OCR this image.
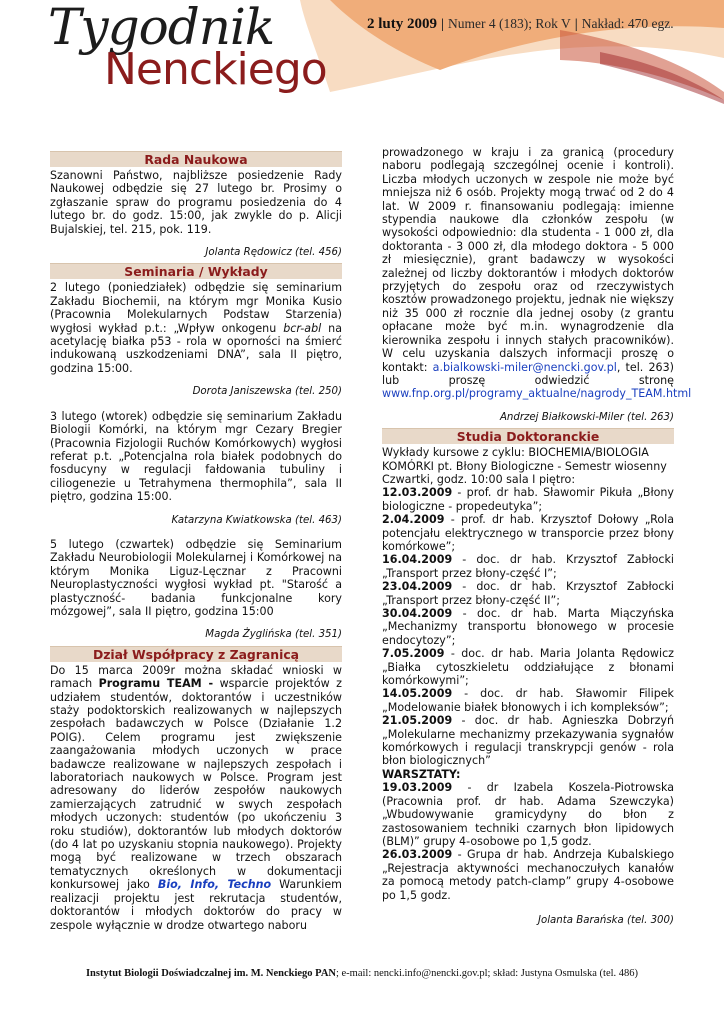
Tygodnik
Nenckiego
2 luty 2009 | Numer 4 (183); Rok V | Nakład: 470 egz.
Rada Naukowa

Szanowni Państwo, najbliższe posiedzenie Rady Naukowej odbędzie się 27 lutego br. Prosimy o zgłaszanie spraw do programu posiedzenia do 4 lutego br. do godz. 15:00, jak zwykle do p. Alicji Bujalskiej, tel. 215, pok. 119.

Jolanta Rędowicz (tel. 456)

Seminaria / Wykłady

2 lutego (poniedziałek) odbędzie się seminarium Zakładu Biochemii, na którym mgr Monika Kusio (Pracownia Molekularnych Podstaw Starzenia) wygłosi wykład p.t.: „Wpływ onkogenu bcr-abl na acetylację białka p53 - rola w oporności na śmierć indukowaną uszkodzeniami DNA”, sala II piętro, godzina 15:00.

Dorota Janiszewska (tel. 250)

3 lutego (wtorek) odbędzie się seminarium Zakładu Biologii Komórki, na którym mgr Cezary Bregier (Pracownia Fizjologii Ruchów Komórkowych) wygłosi referat p.t. „Potencjalna rola białek podobnych do fosducyny w regulacji fałdowania tubuliny i ciliogenezie u Tetrahymena thermophila”, sala II piętro, godzina 15:00.

Katarzyna Kwiatkowska (tel. 463)

5 lutego (czwartek) odbędzie się Seminarium Zakładu Neurobiologii Molekularnej i Komórkowej na którym Monika Liguz-Lęcznar z Pracowni Neuroplastyczności wygłosi wykład pt. "Starość a plastyczność- badania funkcjonalne kory mózgowej”, sala II piętro, godzina 15:00

Magda Żyglińska (tel. 351)

Dział Współpracy z Zagranicą

Do 15 marca 2009r można składać wnioski w ramach Programu TEAM - wsparcie projektów z udziałem studentów, doktorantów i uczestników staży podoktorskich realizowanych w najlepszych zespołach badawczych w Polsce (Działanie 1.2 POIG). Celem programu jest zwiększenie zaangażowania młodych uczonych w prace badawcze realizowane w najlepszych zespołach i laboratoriach naukowych w Polsce. Program jest adresowany do liderów zespołów naukowych zamierzających zatrudnić w swych zespołach młodych uczonych: studentów (po ukończeniu 3 roku studiów), doktorantów lub młodych doktorów (do 4 lat po uzyskaniu stopnia naukowego). Projekty mogą być realizowane w trzech obszarach tematycznych określonych w dokumentacji konkursowej jako Bio, Info, Techno Warunkiem realizacji projektu jest rekrutacja studentów, doktorantów i młodych doktorów do pracy w zespole wyłącznie w drodze otwartego naboru

prowadzonego w kraju i za granicą (procedury naboru podlegają szczególnej ocenie i kontroli). Liczba młodych uczonych w zespole nie może być mniejsza niż 6 osób. Projekty mogą trwać od 2 do 4 lat. W 2009 r. finansowaniu podlegają: imienne stypendia naukowe dla członków zespołu (w wysokości odpowiednio: dla studenta - 1 000 zł, dla doktoranta - 3 000 zł, dla młodego doktora - 5 000 zł miesięcznie), grant badawczy w wysokości zależnej od liczby doktorantów i młodych doktorów przyjętych do zespołu oraz od rzeczywistych kosztów prowadzonego projektu, jednak nie większy niż 35 000 zł rocznie dla jednej osoby (z grantu opłacane może być m.in. wynagrodzenie dla kierownika zespołu i innych stałych pracowników). W celu uzyskania dalszych informacji proszę o kontakt: a.bialkowski-miler@nencki.gov.pl, tel. 263) lub proszę odwiedzić stronę www.fnp.org.pl/programy_aktualne/nagrody_TEAM.html

Andrzej Białkowski-Miler (tel. 263)

Studia Doktoranckie

Wykłady kursowe z cyklu: BIOCHEMIA/BIOLOGIA KOMÓRKI pt. Błony Biologiczne - Semestr wiosenny Czwartki, godz. 10:00 sala I piętro:

12.03.2009 - prof. dr hab. Sławomir Pikuła „Błony biologiczne - propedeutyka”;

2.04.2009 - prof. dr hab. Krzysztof Dołowy „Rola potencjału elektrycznego w transporcie przez błony komórkowe”;

16.04.2009 - doc. dr hab. Krzysztof Zabłocki „Transport przez błony-część I”;

23.04.2009 - doc. dr hab. Krzysztof Zabłocki „Transport przez błony-część II”;

30.04.2009 - doc. dr hab. Marta Miączyńska „Mechanizmy transportu błonowego w procesie endocytozy”;

7.05.2009 - doc. dr hab. Maria Jolanta Rędowicz „Białka cytoszkieletu oddziałujące z błonami komórkowymi”;

14.05.2009 - doc. dr hab. Sławomir Filipek „Modelowanie białek błonowych i ich kompleksów”;

21.05.2009 - doc. dr hab. Agnieszka Dobrzyń „Molekularne mechanizmy przekazywania sygnałów komórkowych i regulacji transkrypcji genów - rola błon biologicznych”

WARSZTATY:

19.03.2009 - dr Izabela Koszela-Piotrowska (Pracownia prof. dr hab. Adama Szewczyka) „Wbudowywanie gramicydyny do błon z zastosowaniem techniki czarnych błon lipidowych (BLM)” grupy 4-osobowe po 1,5 godz.

26.03.2009 - Grupa dr hab. Andrzeja Kubalskiego „Rejestracja aktywności mechanoczułych kanałów za pomocą metody patch-clamp” grupy 4-osobowe po 1,5 godz.

Jolanta Barańska (tel. 300)

Instytut Biologii Doświadczalnej im. M. Nenckiego PAN; e-mail: nencki.info@nencki.gov.pl; skład: Justyna Osmulska (tel. 486)
